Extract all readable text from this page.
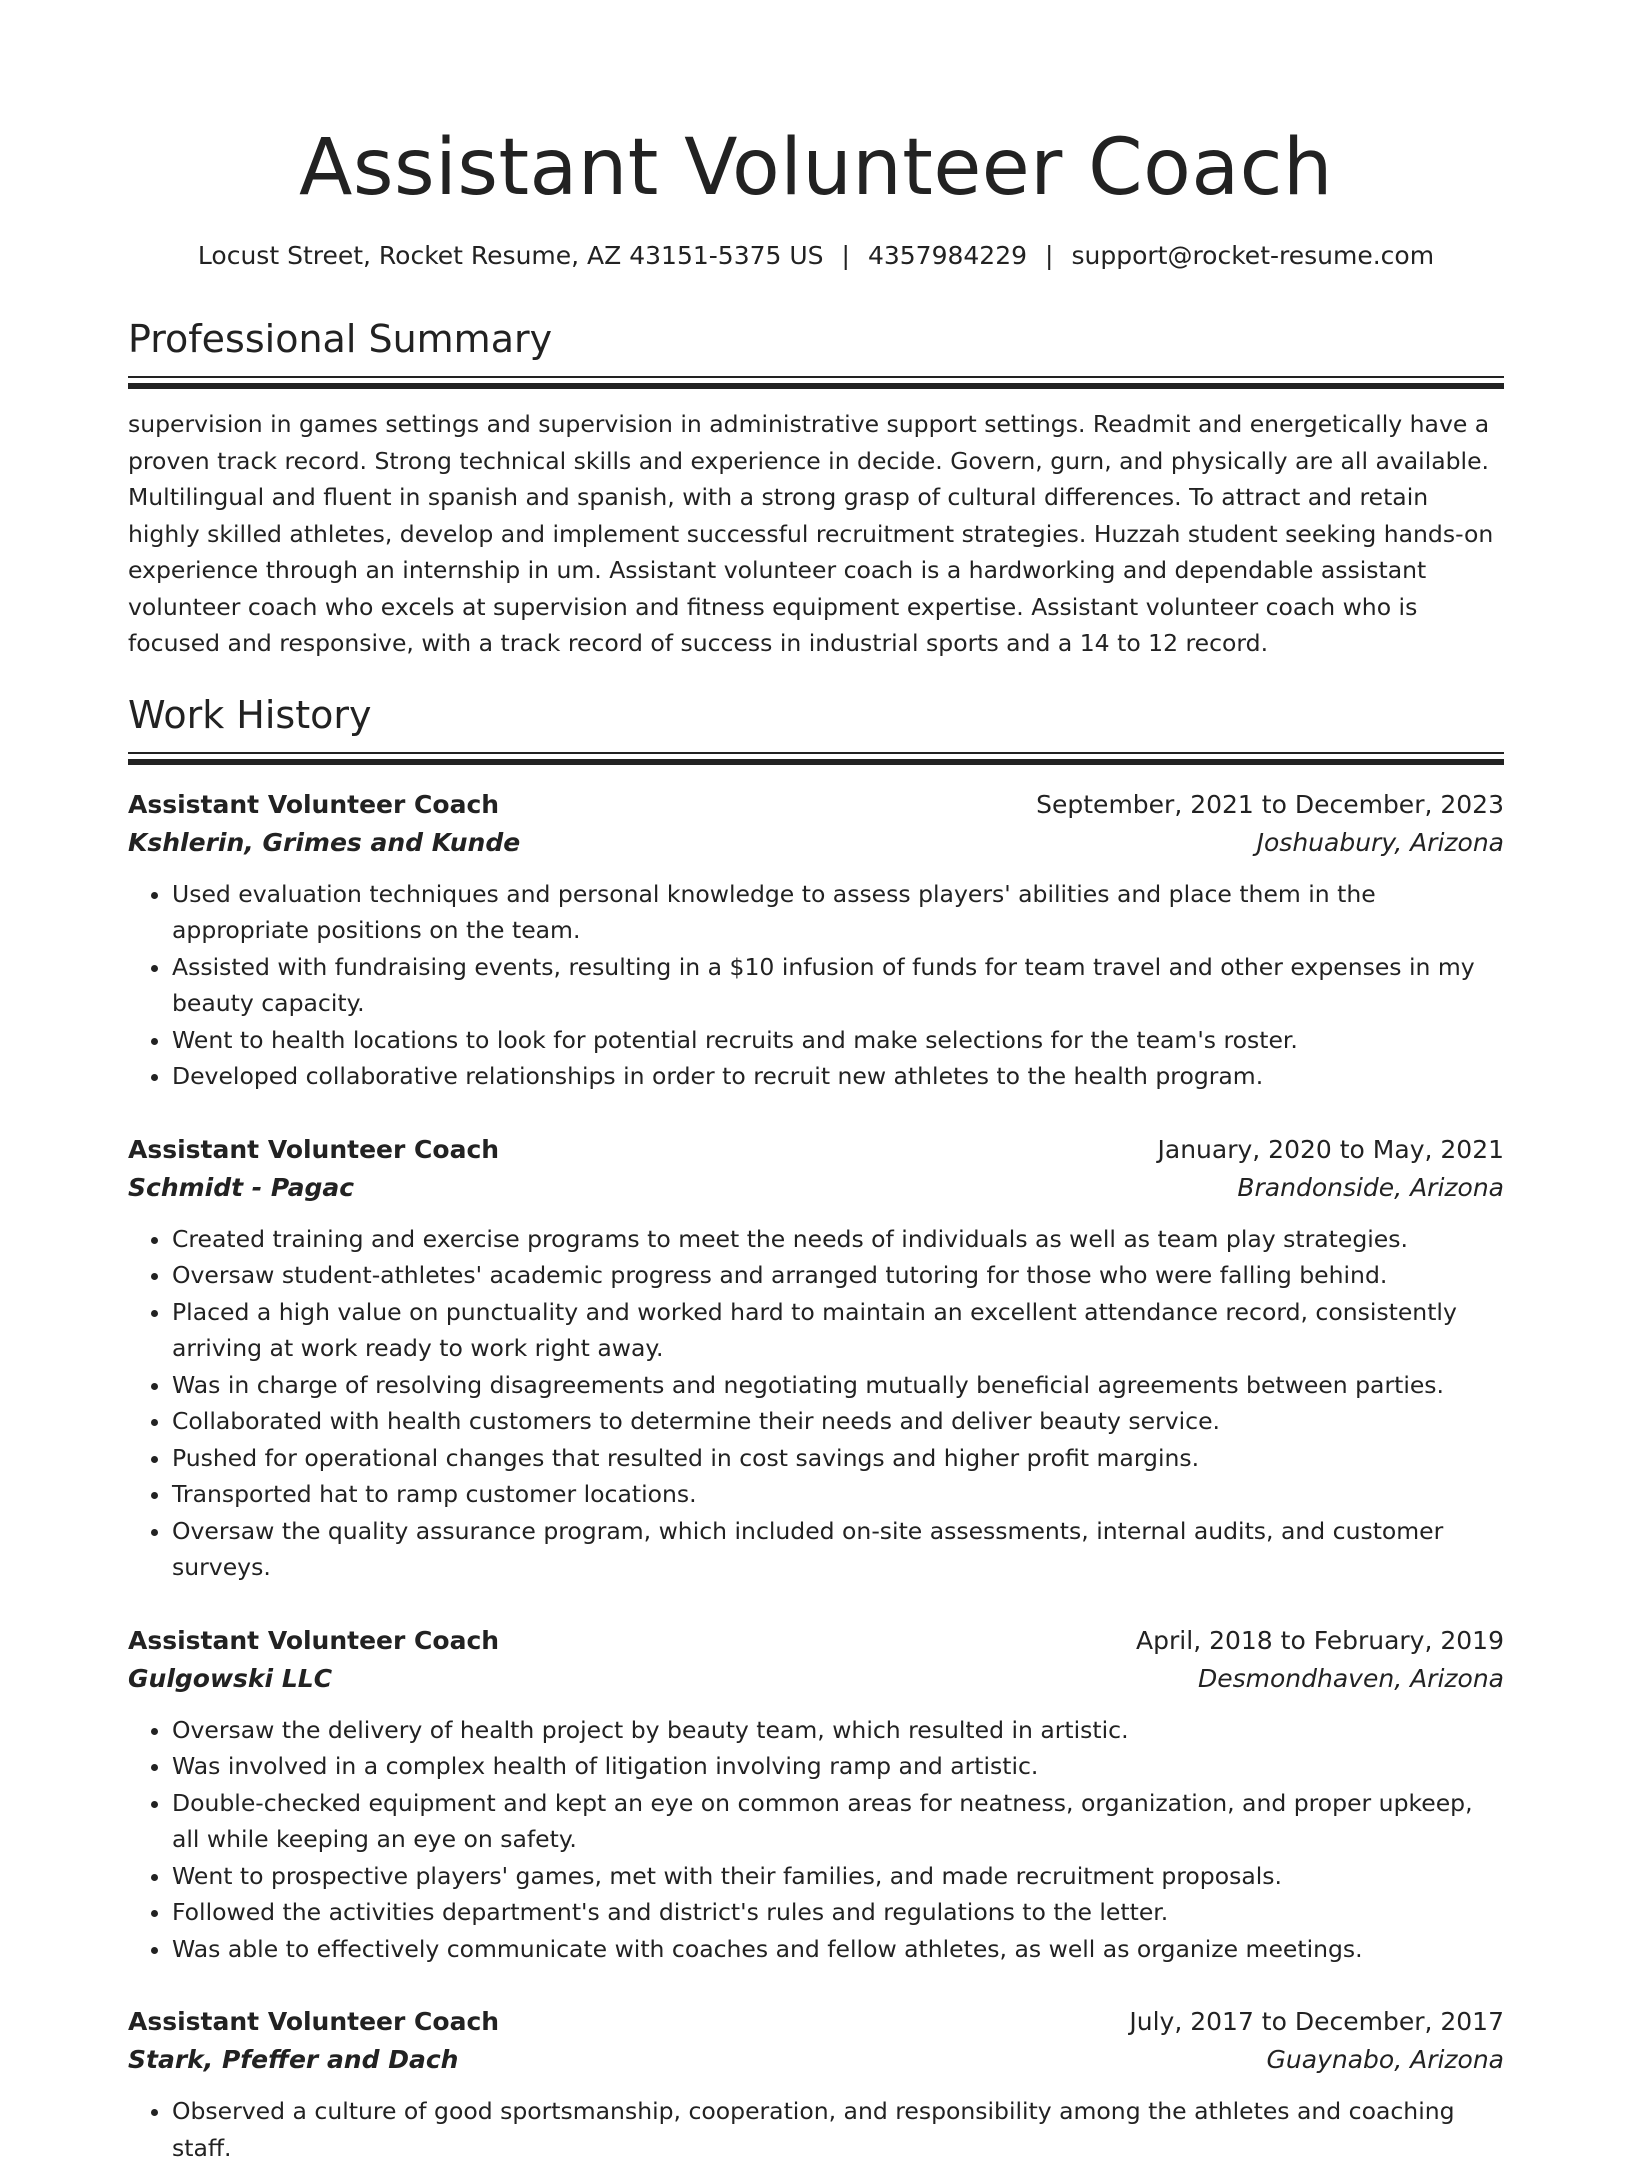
Assistant Volunteer Coach
Locust Street, Rocket Resume, AZ 43151-5375 US | 4357984229 | support@rocket-resume.com
Professional Summary

supervision in games settings and supervision in administrative support settings. Readmit and energetically have a proven track record. Strong technical skills and experience in decide. Govern, gurn, and physically are all available. Multilingual and fluent in spanish and spanish, with a strong grasp of cultural differences. To attract and retain highly skilled athletes, develop and implement successful recruitment strategies. Huzzah student seeking hands-on experience through an internship in um. Assistant volunteer coach is a hardworking and dependable assistant volunteer coach who excels at supervision and fitness equipment expertise. Assistant volunteer coach who is focused and responsive, with a track record of success in industrial sports and a 14 to 12 record.

Work History
Assistant Volunteer Coach	September, 2021 to December, 2023
Kshlerin, Grimes and Kunde	Joshuabury, Arizona
• Used evaluation techniques and personal knowledge to assess players' abilities and place them in the appropriate positions on the team.
• Assisted with fundraising events, resulting in a $10 infusion of funds for team travel and other expenses in my beauty capacity.
• Went to health locations to look for potential recruits and make selections for the team's roster.
• Developed collaborative relationships in order to recruit new athletes to the health program.
Assistant Volunteer Coach	January, 2020 to May, 2021
Schmidt - Pagac	Brandonside, Arizona
• Created training and exercise programs to meet the needs of individuals as well as team play strategies.
• Oversaw student-athletes' academic progress and arranged tutoring for those who were falling behind.
• Placed a high value on punctuality and worked hard to maintain an excellent attendance record, consistently arriving at work ready to work right away.
• Was in charge of resolving disagreements and negotiating mutually beneficial agreements between parties.
• Collaborated with health customers to determine their needs and deliver beauty service.
• Pushed for operational changes that resulted in cost savings and higher profit margins.
• Transported hat to ramp customer locations.
• Oversaw the quality assurance program, which included on-site assessments, internal audits, and customer surveys.
Assistant Volunteer Coach	April, 2018 to February, 2019
Gulgowski LLC	Desmondhaven, Arizona
• Oversaw the delivery of health project by beauty team, which resulted in artistic.
• Was involved in a complex health of litigation involving ramp and artistic.
• Double-checked equipment and kept an eye on common areas for neatness, organization, and proper upkeep, all while keeping an eye on safety.
• Went to prospective players' games, met with their families, and made recruitment proposals.
• Followed the activities department's and district's rules and regulations to the letter.
• Was able to effectively communicate with coaches and fellow athletes, as well as organize meetings.
Assistant Volunteer Coach	July, 2017 to December, 2017
Stark, Pfeffer and Dach	Guaynabo, Arizona
• Observed a culture of good sportsmanship, cooperation, and responsibility among the athletes and coaching staff.
